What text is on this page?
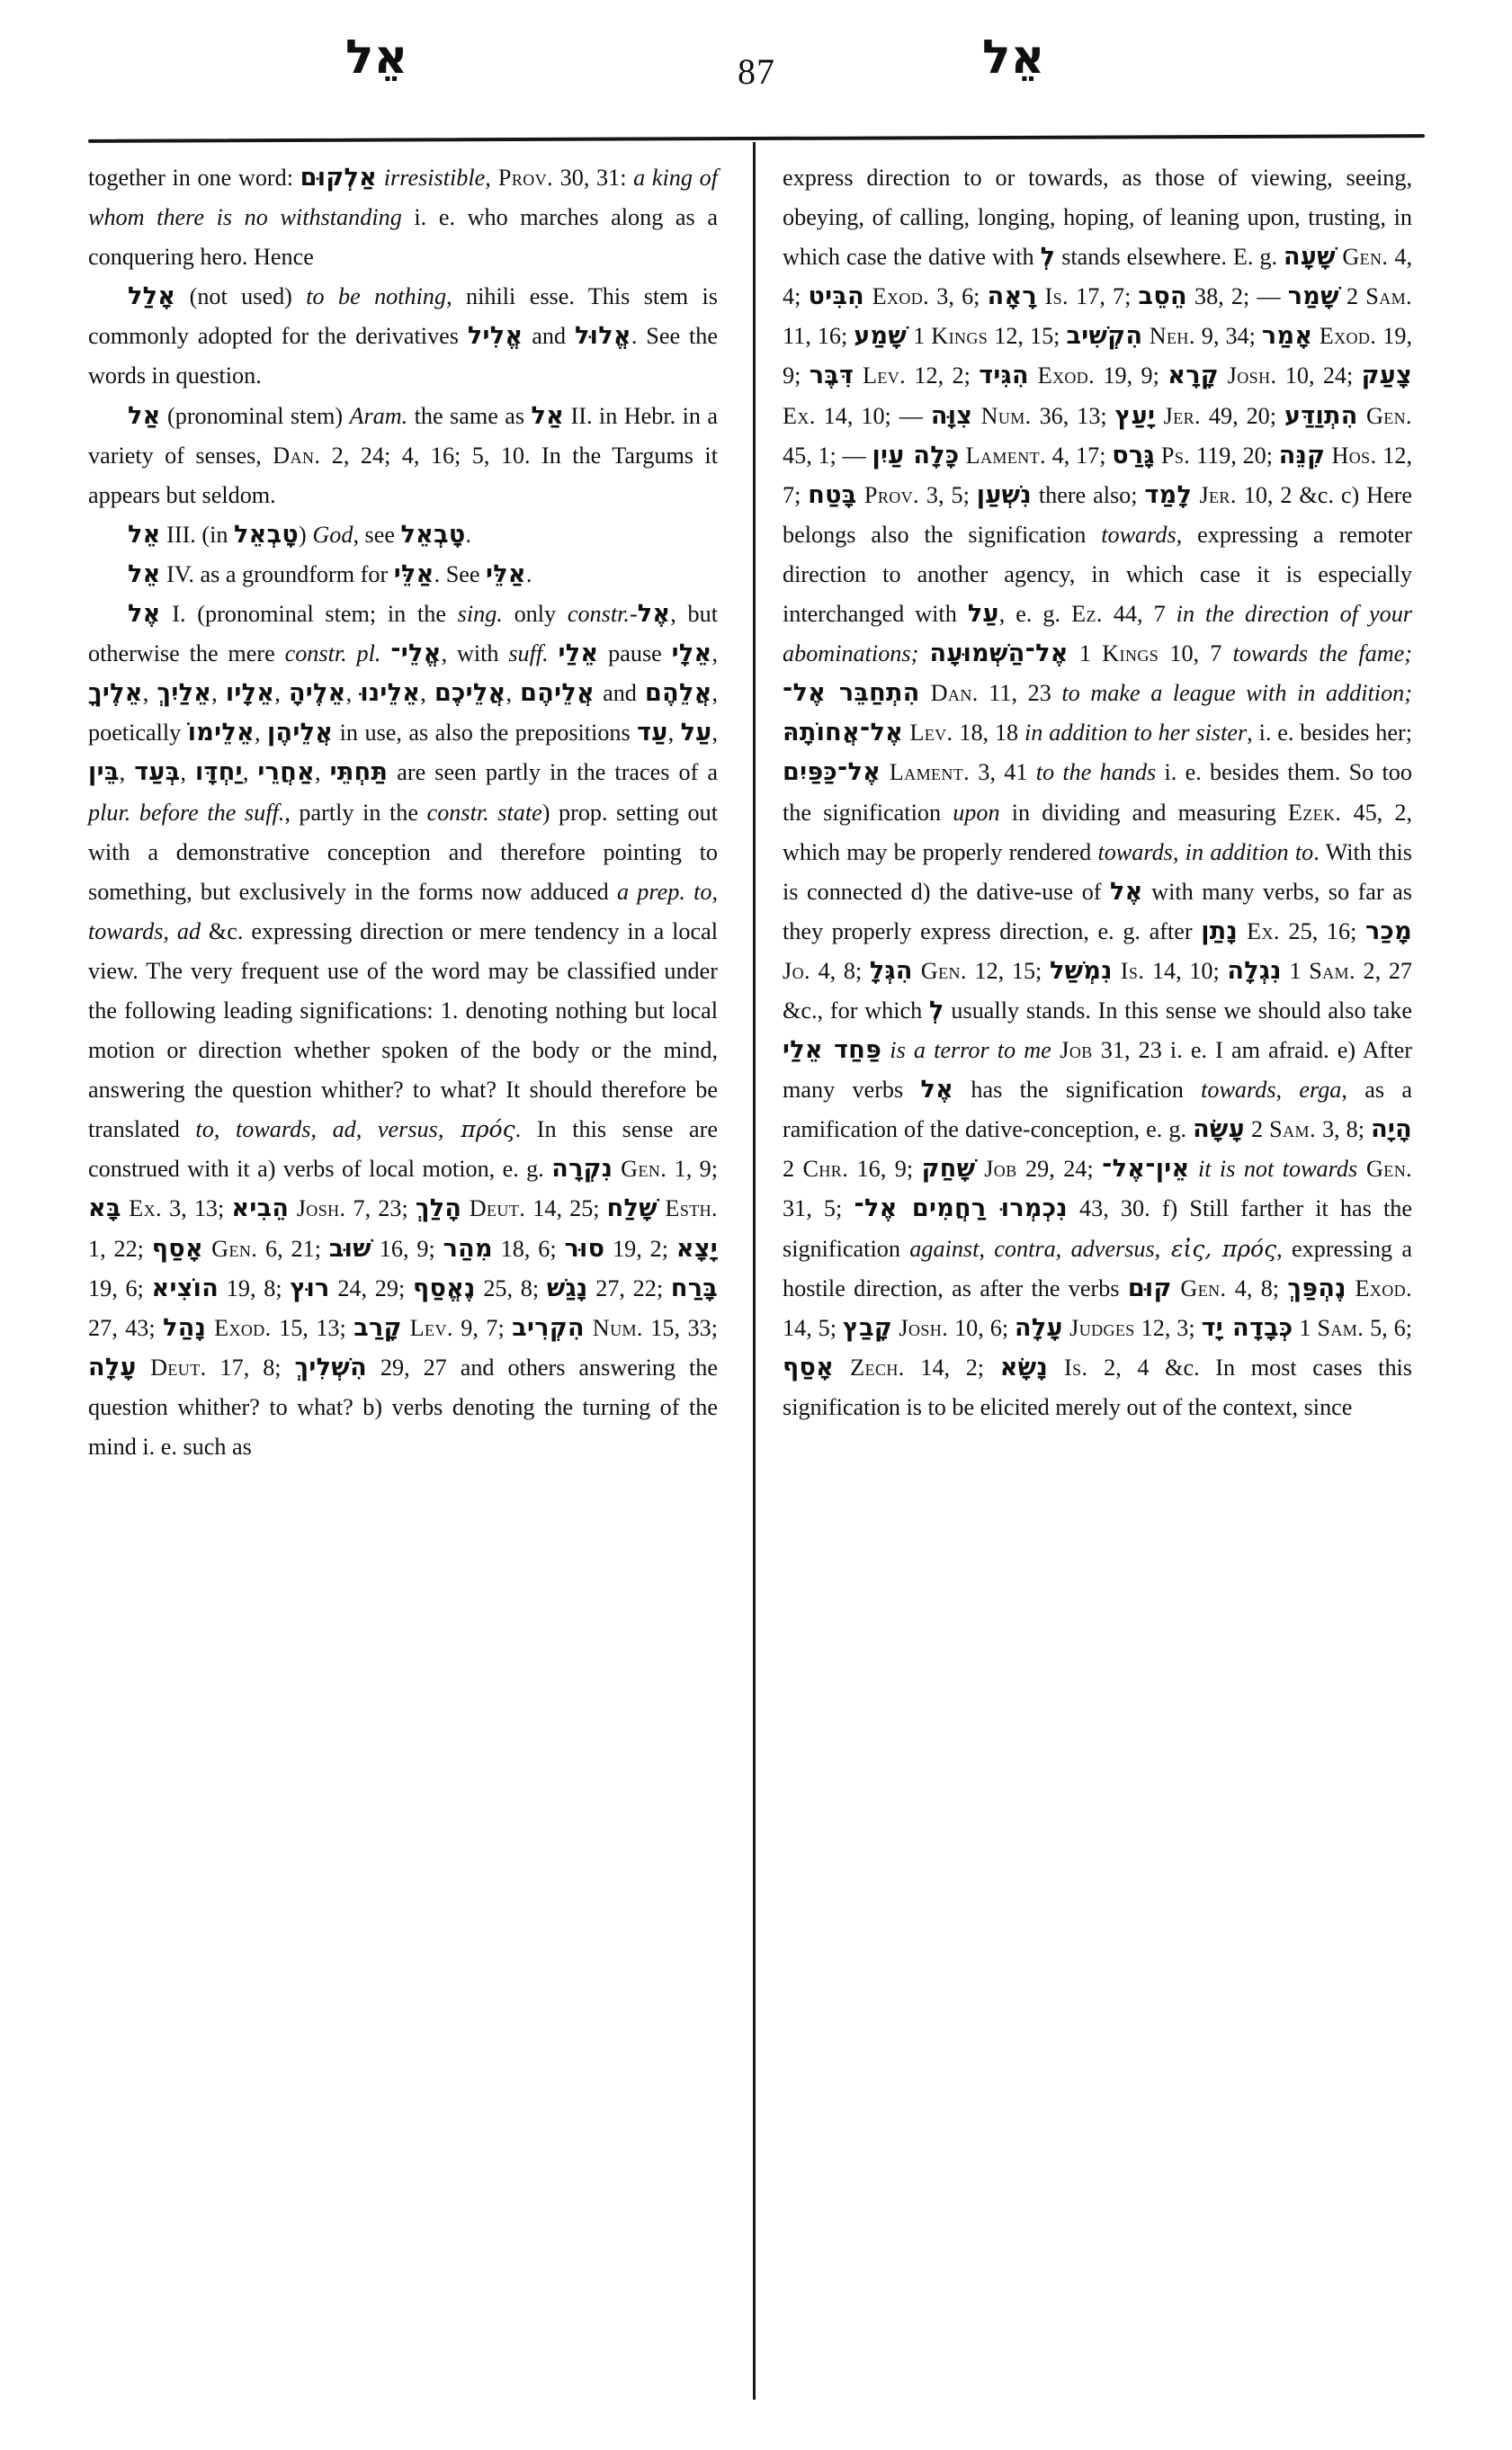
אֵל	87	אֵל

together in one word: אַלְקוּם irresistible, Prov. 30, 31: a king of whom there is no withstanding i. e. who marches along as a conquering hero. Hence

אָלַל (not used) to be nothing, nihili esse. This stem is commonly adopted for the derivatives אֱלִיל and אֱלוּל. See the words in question.

אַל (pronominal stem) Aram. the same as אַל II. in Hebr. in a variety of senses, Dan. 2, 24; 4, 16; 5, 10. In the Targums it appears but seldom.

אֵל III. (in טָבְאֵל) God, see טָבְאֵל.

אֵל IV. as a groundform for אַלֵּי. See אַלֵּי.

אֶל I. (pronominal stem; in the sing. only constr.-אֶל, but otherwise the mere constr. pl. אֱלֵי־, with suff. אֵלַי pause אֵלָי, אֵלֶיךָ, אֵלַיִךְ, אֵלָיו, אֵלֶיהָ, אֵלֵינוּ, אֲלֵיכֶם, אֲלֵיהֶם and אֲלֵהֶם, poetically אֵלֵימוֹ, אֲלֵיהֶן in use, as also the prepositions עַד, עַל, בֵּין, בְּעַד, יַחְדָּו, אַחֲרֵי, תַּחְתֵּי are seen partly in the traces of a plur. before the suff., partly in the constr. state) prop. setting out with a demonstrative conception and therefore pointing to something, but exclusively in the forms now adduced a prep. to, towards, ad &c. expressing direction or mere tendency in a local view. The very frequent use of the word may be classified under the following leading significations: 1. denoting nothing but local motion or direction whether spoken of the body or the mind, answering the question whither? to what? It should therefore be translated to, towards, ad, versus, πρός. In this sense are construed with it a) verbs of local motion, e. g. נִקְרָה Gen. 1, 9; בָּא Ex. 3, 13; הֵבִיא Josh. 7, 23; הָלַךְ Deut. 14, 25; שָׁלַח Esth. 1, 22; אָסַף Gen. 6, 21; שׁוּב 16, 9; מִהַר 18, 6; סוּר 19, 2; יָצָא 19, 6; הוֹצִיא 19, 8; רוּץ 24, 29; נֶאֱסַף 25, 8; נָגַשׁ 27, 22; בָּרַח 27, 43; נָהַל Exod. 15, 13; קָרַב Lev. 9, 7; הִקְרִיב Num. 15, 33; עָלָה Deut. 17, 8; הִשְׁלִיךְ 29, 27 and others answering the question whither? to what? b) verbs denoting the turning of the mind i. e. such as

express direction to or towards, as those of viewing, seeing, obeying, of calling, longing, hoping, of leaning upon, trusting, in which case the dative with לְ stands elsewhere. E. g. שָׁעָה Gen. 4, 4; הִבִּיט Exod. 3, 6; רָאָה Is. 17, 7; הֵסֵב 38, 2; — שָׁמַר 2 Sam. 11, 16; שָׁמַע 1 Kings 12, 15; הִקְשִׁיב Neh. 9, 34; אָמַר Exod. 19, 9; דִּבֶּר Lev. 12, 2; הִגִּיד Exod. 19, 9; קָרָא Josh. 10, 24; צָעַק Ex. 14, 10; — צִוָּה Num. 36, 13; יָעַץ Jer. 49, 20; הִתְוַדַּע Gen. 45, 1; — כָּלָה עַיִן Lament. 4, 17; גָּרַס Ps. 119, 20; קִנֵּה Hos. 12, 7; בָּטַח Prov. 3, 5; נִשְׁעַן there also; לָמַד Jer. 10, 2 &c. c) Here belongs also the signification towards, expressing a remoter direction to another agency, in which case it is especially interchanged with עַל, e. g. Ez. 44, 7 in the direction of your abominations; אֶל־הַשְּׁמוּעָה 1 Kings 10, 7 towards the fame; הִתְחַבֵּר אֶל־ Dan. 11, 23 to make a league with in addition; אֶל־אֲחוֹתָהּ Lev. 18, 18 in addition to her sister, i. e. besides her; אֶל־כַּפַּיִם Lament. 3, 41 to the hands i. e. besides them. So too the signification upon in dividing and measuring Ezek. 45, 2, which may be properly rendered towards, in addition to. With this is connected d) the dative-use of אֶל with many verbs, so far as they properly express direction, e. g. after נָתַן Ex. 25, 16; מָכַר Jo. 4, 8; הִגְּלָ Gen. 12, 15; נִמְשַׁל Is. 14, 10; נִגְלָה 1 Sam. 2, 27 &c., for which לְ usually stands. In this sense we should also take פַּחַד אֵלַי is a terror to me Job 31, 23 i. e. I am afraid. e) After many verbs אֶל has the signification towards, erga, as a ramification of the dative-conception, e. g. עָשָׂה 2 Sam. 3, 8; הָיָה 2 Chr. 16, 9; שָׁחַק Job 29, 24; אֵין־אֶל־ it is not towards Gen. 31, 5; נִכְמְרוּ רַחֲמִים אֶל־ 43, 30. f) Still farther it has the signification against, contra, adversus, εἰς, πρός, expressing a hostile direction, as after the verbs קוּם Gen. 4, 8; נֶהְפַּךְ Exod. 14, 5; קָבַץ Josh. 10, 6; עָלָה Judges 12, 3; כְּבָדָה יָד 1 Sam. 5, 6; אָסַף Zech. 14, 2; נָשָׂא Is. 2, 4 &c. In most cases this signification is to be elicited merely out of the context, since
